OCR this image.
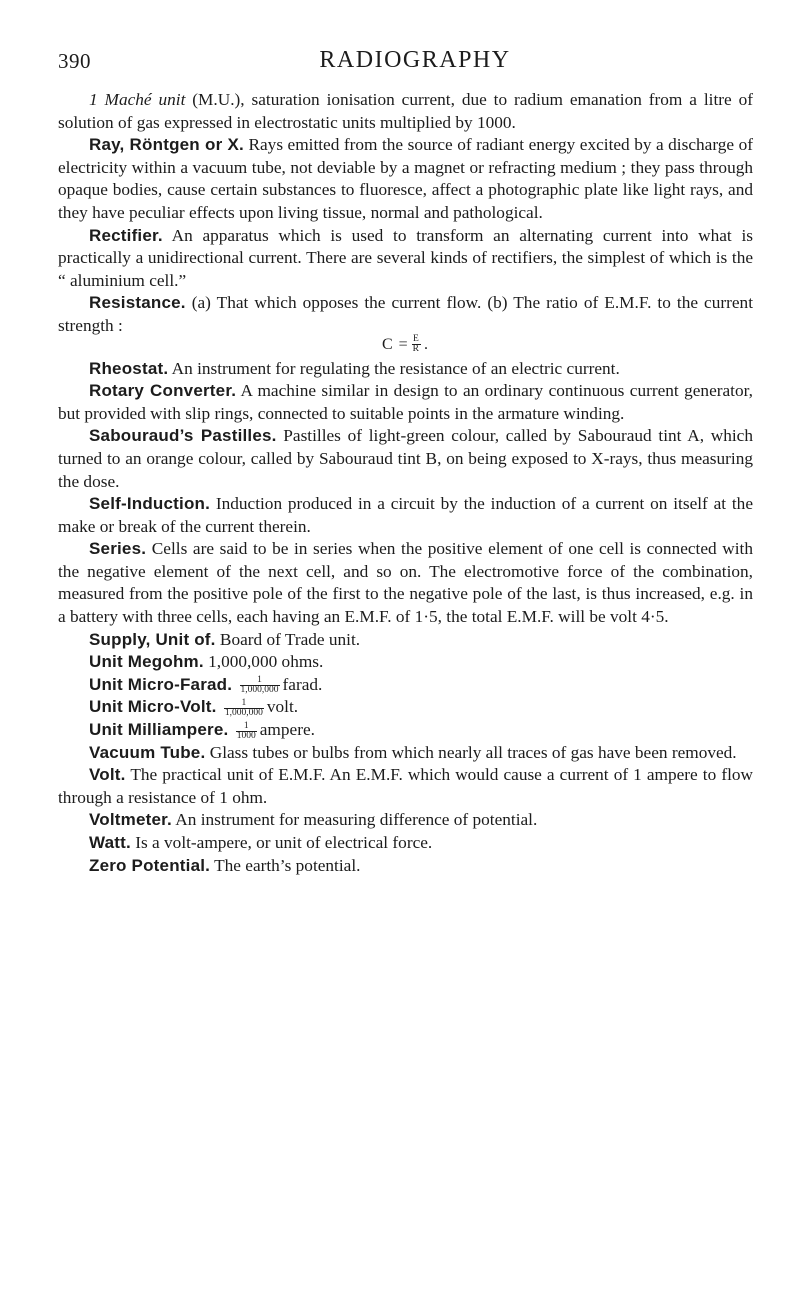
390	RADIOGRAPHY

1 Maché unit (M.U.), saturation ionisation current, due to radium emanation from a litre of solution of gas expressed in electrostatic units multiplied by 1000.

Ray, Röntgen or X. Rays emitted from the source of radiant energy excited by a discharge of electricity within a vacuum tube, not deviable by a magnet or refracting medium ; they pass through opaque bodies, cause certain substances to fluoresce, affect a photographic plate like light rays, and they have peculiar effects upon living tissue, normal and pathological.

Rectifier. An apparatus which is used to transform an alternating current into what is practically a unidirectional current. There are several kinds of rectifiers, the simplest of which is the “ aluminium cell.”

Resistance. (a) That which opposes the current flow. (b) The ratio of E.M.F. to the current strength :

$C = \frac{E}{R}$ .

Rheostat. An instrument for regulating the resistance of an electric current.

Rotary Converter. A machine similar in design to an ordinary continuous current generator, but provided with slip rings, connected to suitable points in the armature winding.

Sabouraud’s Pastilles. Pastilles of light-green colour, called by Sabouraud tint A, which turned to an orange colour, called by Sabouraud tint B, on being exposed to X-rays, thus measuring the dose.

Self-Induction. Induction produced in a circuit by the induction of a current on itself at the make or break of the current therein.

Series. Cells are said to be in series when the positive element of one cell is connected with the negative element of the next cell, and so on. The electromotive force of the combination, measured from the positive pole of the first to the negative pole of the last, is thus increased, e.g. in a battery with three cells, each having an E.M.F. of 1·5, the total E.M.F. will be volt 4·5.

Supply, Unit of. Board of Trade unit.

Unit Megohm. 1,000,000 ohms.

Unit Micro-Farad. $\frac{1}{1,000,000}$ farad.

Unit Micro-Volt. $\frac{1}{1,000,000}$ volt.

Unit Milliampere. $\frac{1}{1000}$ ampere.

Vacuum Tube. Glass tubes or bulbs from which nearly all traces of gas have been removed.

Volt. The practical unit of E.M.F. An E.M.F. which would cause a current of 1 ampere to flow through a resistance of 1 ohm.

Voltmeter. An instrument for measuring difference of potential.

Watt. Is a volt-ampere, or unit of electrical force.

Zero Potential. The earth’s potential.
